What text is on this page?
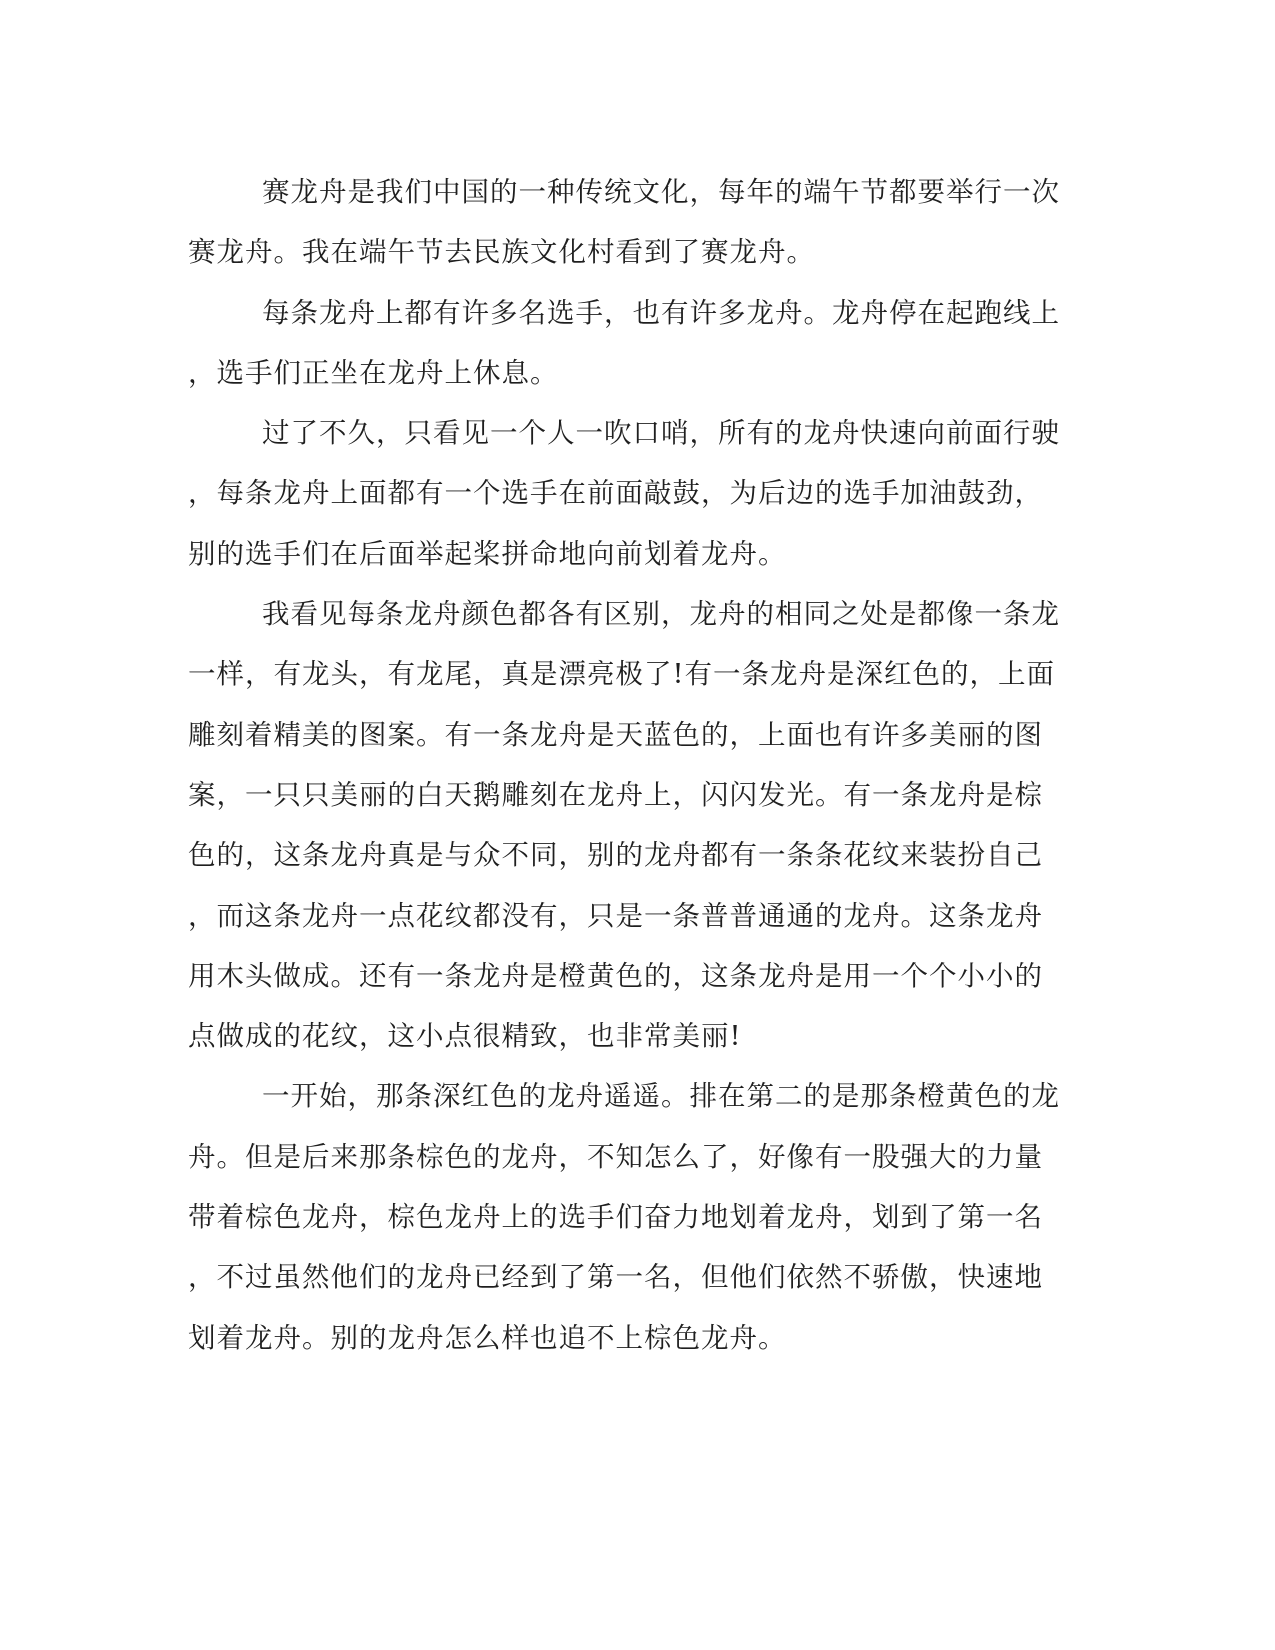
赛龙舟是我们中国的一种传统文化，每年的端午节都要举行一次
赛龙舟。我在端午节去民族文化村看到了赛龙舟。
每条龙舟上都有许多名选手，也有许多龙舟。龙舟停在起跑线上
，选手们正坐在龙舟上休息。
过了不久，只看见一个人一吹口哨，所有的龙舟快速向前面行驶
，每条龙舟上面都有一个选手在前面敲鼓，为后边的选手加油鼓劲，
别的选手们在后面举起桨拼命地向前划着龙舟。
我看见每条龙舟颜色都各有区别，龙舟的相同之处是都像一条龙
一样，有龙头，有龙尾，真是漂亮极了!有一条龙舟是深红色的，上面
雕刻着精美的图案。有一条龙舟是天蓝色的，上面也有许多美丽的图
案，一只只美丽的白天鹅雕刻在龙舟上，闪闪发光。有一条龙舟是棕
色的，这条龙舟真是与众不同，别的龙舟都有一条条花纹来装扮自己
，而这条龙舟一点花纹都没有，只是一条普普通通的龙舟。这条龙舟
用木头做成。还有一条龙舟是橙黄色的，这条龙舟是用一个个小小的
点做成的花纹，这小点很精致，也非常美丽!
一开始，那条深红色的龙舟遥遥。排在第二的是那条橙黄色的龙
舟。但是后来那条棕色的龙舟，不知怎么了，好像有一股强大的力量
带着棕色龙舟，棕色龙舟上的选手们奋力地划着龙舟，划到了第一名
，不过虽然他们的龙舟已经到了第一名，但他们依然不骄傲，快速地
划着龙舟。别的龙舟怎么样也追不上棕色龙舟。
